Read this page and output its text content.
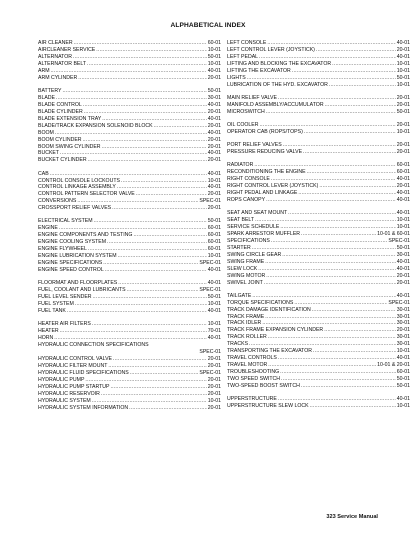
ALPHABETICAL INDEX
AIR CLEANER .....	60-01
AIRCLEANER SERVICE .....	10-01
ALTERNATOR .....	50-01
ALTERNATOR BELT .....	10-01
ARM .....	40-01
ARM CYLINDER .....	20-01
BATTERY .....	50-01
BLADE .....	30-01
BLADE CONTROL .....	40-01
BLADE CYLINDER .....	20-01
BLADE EXTENSION TRAY .....	40-01
BLADE/TRACK EXPANSION SOLENOID BLOCK .....	20-01
BOOM .....	40-01
BOOM CYLINDER .....	20-01
BOOM SWING CYLINDER .....	20-01
BUCKET .....	40-01
BUCKET CYLINDER .....	20-01
CAB .....	40-01
CONTROL CONSOLE LOCKOUTS .....	10-01
CONTROL LINKAGE ASSEMBLY .....	40-01
CONTROL PATTERN SELECTOR VALVE .....	20-01
CONVERSIONS .....	SPEC-01
CROSSPORT RELIEF VALVES .....	20-01
ELECTRICAL SYSTEM .....	50-01
ENGINE .....	60-01
ENGINE COMPONENTS AND TESTING .....	60-01
ENGINE COOLING SYSTEM .....	60-01
ENGINE FLYWHEEL .....	60-01
ENGINE LUBRICATION SYSTEM .....	10-01
ENGINE SPECIFICATIONS .....	SPEC-01
ENGINE SPEED CONTROL .....	40-01
FLOORMAT AND FLOORPLATES .....	40-01
FUEL, COOLANT AND LUBRICANTS .....	SPEC-01
FUEL LEVEL SENDER .....	50-01
FUEL SYSTEM .....	10-01
FUEL TANK .....	40-01
HEATER AIR FILTERS .....	10-01
HEATER .....	70-01
HORN .....	40-01
HYDRAULIC CONNECTION SPECIFICATIONS
SPEC-01
HYDRAULIC CONTROL VALVE .....	20-01
HYDRAULIC FILTER MOUNT .....	20-01
HYDRAULIC FLUID SPECIFICATIONS .....	SPEC-01
HYDRAULIC PUMP .....	20-01
HYDRAULIC PUMP STARTUP .....	20-01
HYDRAULIC RESERVOIR .....	20-01
HYDRAULIC SYSTEM .....	10-01
HYDRAULIC SYSTEM INFORMATION .....	20-01
LEFT CONSOLE .....	40-01
LEFT CONTROL LEVER (JOYSTICK) .....	20-01
LEFT PEDAL .....	40-01
LIFTING AND BLOCKING THE EXCAVATOR .....	10-01
LIFTING THE EXCAVATOR .....	10-01
LIGHTS .....	50-01
LUBRICATION OF THE HYD. EXCAVATOR .....	10-01
MAIN RELIEF VALVE .....	20-01
MANIFOLD ASSEMBLY/ACCUMULATOR .....	20-01
MICROSWITCH .....	50-01
OIL COOLER .....	20-01
OPERATOR CAB (ROPS/TOPS) .....	10-01
PORT RELIEF VALVES .....	20-01
PRESSURE REDUCING VALVE .....	20-01
RADIATOR .....	60-01
RECONDITIONING THE ENGINE .....	60-01
RIGHT CONSOLE .....	40-01
RIGHT CONTROL LEVER (JOYSTICK) .....	20-01
RIGHT PEDAL AND LINKAGE .....	40-01
ROPS CANOPY .....	40-01
SEAT AND SEAT MOUNT .....	40-01
SEAT BELT .....	10-01
SERVICE SCHEDULE .....	10-01
SPARK ARRESTOR MUFFLER .....	10-01 & 60-01
SPECIFICATIONS .....	SPEC-01
STARTER .....	50-01
SWING CIRCLE GEAR .....	30-01
SWING FRAME .....	40-01
SLEW LOCK .....	40-01
SWING MOTOR .....	20-01
SWIVEL JOINT .....	20-01
TAILGATE .....	40-01
TORQUE SPECIFICATIONS .....	SPEC-01
TRACK DAMAGE IDENTIFICATION .....	30-01
TRACK FRAME .....	30-01
TRACK IDLER .....	30-01
TRACK FRAME EXPANSION CYLINDER .....	20-01
TRACK ROLLER .....	30-01
TRACKS .....	30-01
TRANSPORTING THE EXCAVATOR .....	10-01
TRAVEL CONTROLS .....	40-01
TRAVEL MOTOR .....	10-01 & 20-01
TROUBLESHOOTING .....	60-01
TWO SPEED SWITCH .....	50-01
TWO-SPEED BOOST SWITCH .....	50-01
UPPERSTRUCTURE .....	40-01
UPPERSTRUCTURE SLEW LOCK .....	10-01
323 Service Manual
